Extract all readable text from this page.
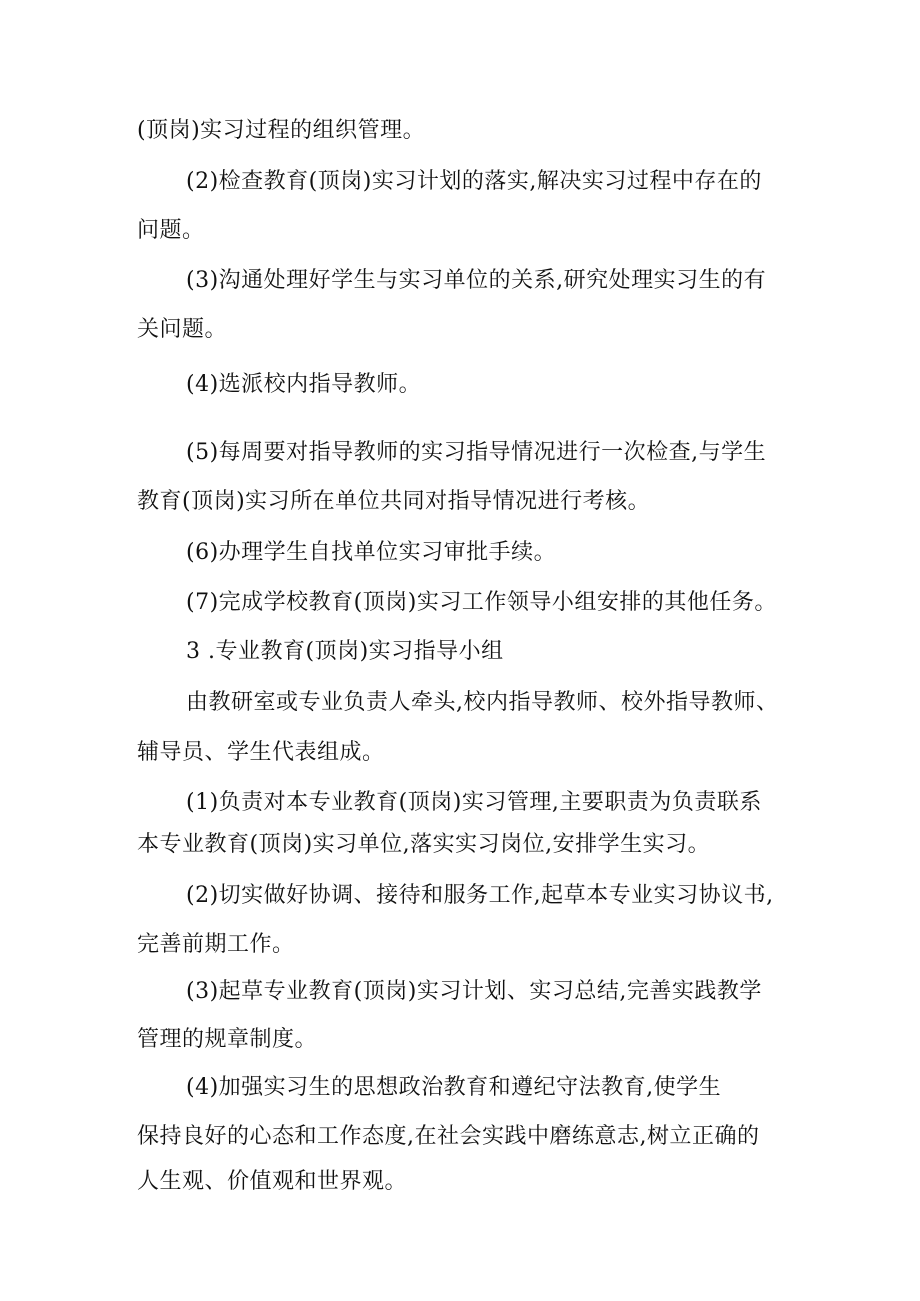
(顶岗)实习过程的组织管理。
(2)检查教育(顶岗)实习计划的落实,解决实习过程中存在的
问题。
(3)沟通处理好学生与实习单位的关系,研究处理实习生的有
关问题。
(4)选派校内指导教师。
(5)每周要对指导教师的实习指导情况进行一次检查,与学生
教育(顶岗)实习所在单位共同对指导情况进行考核。
(6)办理学生自找单位实习审批手续。
(7)完成学校教育(顶岗)实习工作领导小组安排的其他任务。
3 .专业教育(顶岗)实习指导小组
由教研室或专业负责人牵头,校内指导教师、校外指导教师、
辅导员、学生代表组成。
(1)负责对本专业教育(顶岗)实习管理,主要职责为负责联系
本专业教育(顶岗)实习单位,落实实习岗位,安排学生实习。
(2)切实做好协调、接待和服务工作,起草本专业实习协议书,
完善前期工作。
(3)起草专业教育(顶岗)实习计划、实习总结,完善实践教学
管理的规章制度。
(4)加强实习生的思想政治教育和遵纪守法教育,使学生
保持良好的心态和工作态度,在社会实践中磨练意志,树立正确的
人生观、价值观和世界观。
